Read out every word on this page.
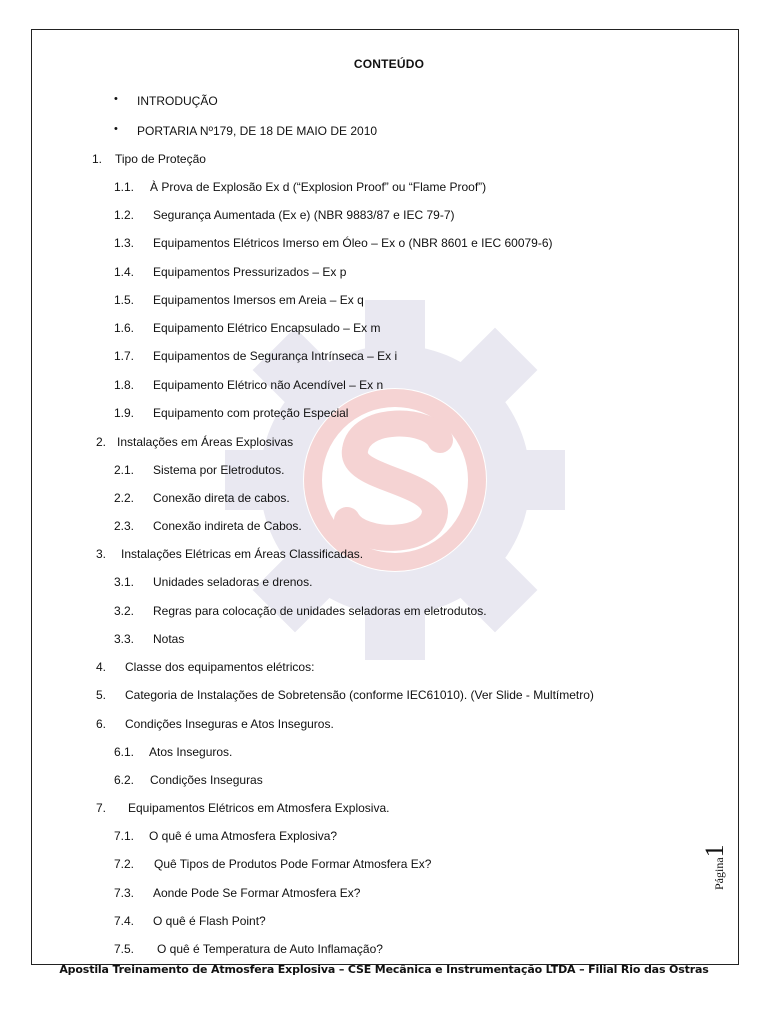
CONTEÚDO
• INTRODUÇÃO
• PORTARIA Nº179, DE 18 DE MAIO DE 2010
1. Tipo de Proteção
1.1. À Prova de Explosão Ex d (“Explosion Proof” ou “Flame Proof”)
1.2. Segurança Aumentada (Ex e) (NBR 9883/87 e IEC 79-7)
1.3. Equipamentos Elétricos Imerso em Óleo – Ex o (NBR 8601 e IEC 60079-6)
1.4. Equipamentos Pressurizados – Ex p
1.5. Equipamentos Imersos em Areia – Ex q
1.6. Equipamento Elétrico Encapsulado – Ex m
1.7. Equipamentos de Segurança Intrínseca – Ex i
1.8. Equipamento Elétrico não Acendível – Ex n
1.9. Equipamento com proteção Especial
2. Instalações em Áreas Explosivas
2.1. Sistema por Eletrodutos.
2.2. Conexão direta de cabos.
2.3. Conexão indireta de Cabos.
3. Instalações Elétricas em Áreas Classificadas.
3.1. Unidades seladoras e drenos.
3.2. Regras para colocação de unidades seladoras em eletrodutos.
3.3. Notas
4. Classe dos equipamentos elétricos:
5. Categoria de Instalações de Sobretensão (conforme IEC61010). (Ver Slide - Multímetro)
6. Condições Inseguras e Atos Inseguros.
6.1. Atos Inseguros.
6.2. Condições Inseguras
7. Equipamentos Elétricos em Atmosfera Explosiva.
7.1. O quê é uma Atmosfera Explosiva?
7.2. Quê Tipos de Produtos Pode Formar Atmosfera Ex?
7.3. Aonde Pode Se Formar Atmosfera Ex?
7.4. O quê é Flash Point?
7.5. O quê é Temperatura de Auto Inflamação?
Apostila Treinamento de Atmosfera Explosiva – CSE Mecânica e Instrumentação LTDA – Filial Rio das Ostras
Página1
